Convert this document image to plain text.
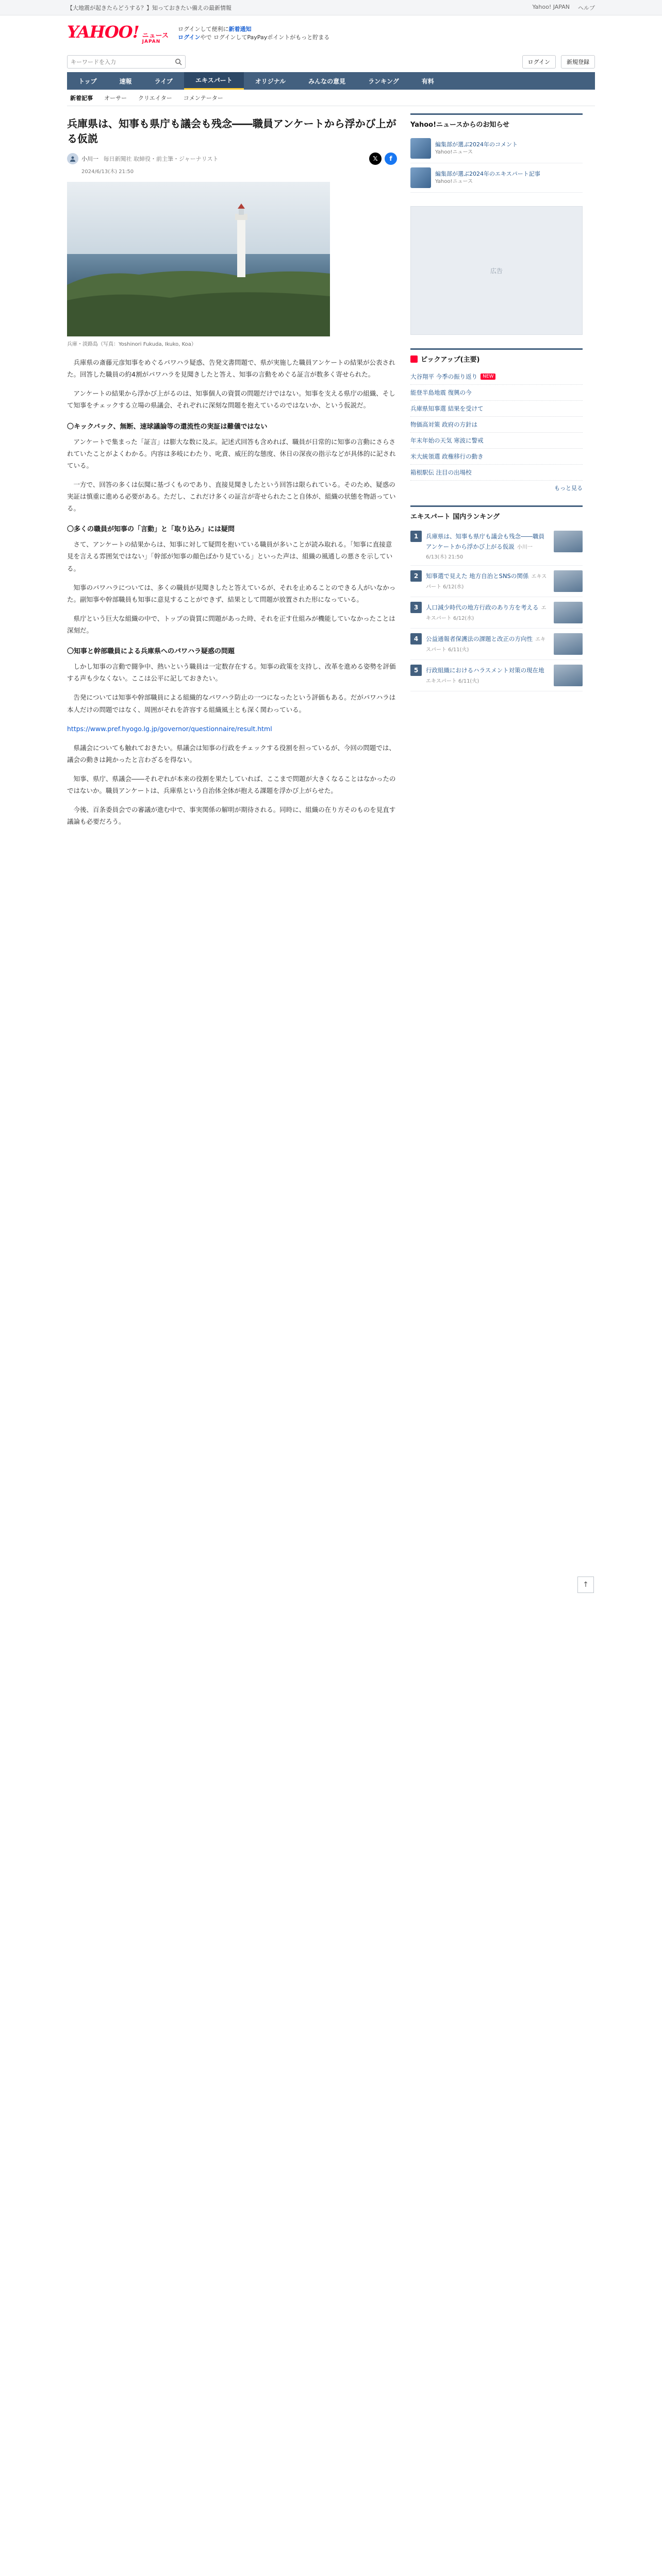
【大地震が起きたらどうする？】知っておきたい備えの最新情報	Yahoo! JAPAN ヘルプ
YAHOO! ニュース
JAPAN
ログインして便利に新着通知
ログインやで ログインしてPayPayポイントがもっと貯まる
キーワードを入力
ログイン	新規登録
トップ	速報	ライブ	エキスパート	オリジナル	みんなの意見	ランキング	有料
新着記事 オーサー クリエイター コメンテーター
兵庫県は、知事も県庁も議会も残念――職員アンケートから浮かび上がる仮説
小川一 毎日新聞社 取締役・前主筆・ジャーナリスト	𝕏 f
2024/6/13(木) 21:50
兵庫・淡路島（写真：Yoshinori Fukuda, Ikuko, Koa）

兵庫県の斎藤元彦知事をめぐるパワハラ疑惑、告発文書問題で、県が実施した職員アンケートの結果が公表された。回答した職員の約4割がパワハラを見聞きしたと答え、知事の言動をめぐる証言が数多く寄せられた。

アンケートの結果から浮かび上がるのは、知事個人の資質の問題だけではない。知事を支える県庁の組織、そして知事をチェックする立場の県議会、それぞれに深刻な問題を抱えているのではないか、という仮説だ。

〇キックバック、無断、速球議論等の還流性の実証は難儀ではない

アンケートで集まった「証言」は膨大な数に及ぶ。記述式回答も含めれば、職員が日常的に知事の言動にさらされていたことがよくわかる。内容は多岐にわたり、叱責、威圧的な態度、休日の深夜の指示などが具体的に記されている。

一方で、回答の多くは伝聞に基づくものであり、直接見聞きしたという回答は限られている。そのため、疑惑の実証は慎重に進める必要がある。ただし、これだけ多くの証言が寄せられたこと自体が、組織の状態を物語っている。

〇多くの職員が知事の「言動」と「取り込み」には疑問

さて、アンケートの結果からは、知事に対して疑問を抱いている職員が多いことが読み取れる。「知事に直接意見を言える雰囲気ではない」「幹部が知事の顔色ばかり見ている」といった声は、組織の風通しの悪さを示している。

知事のパワハラについては、多くの職員が見聞きしたと答えているが、それを止めることのできる人がいなかった。副知事や幹部職員も知事に意見することができず、結果として問題が放置された形になっている。

県庁という巨大な組織の中で、トップの資質に問題があった時、それを正す仕組みが機能していなかったことは深刻だ。

〇知事と幹部職員による兵庫県へのパワハラ疑惑の問題

しかし知事の言動で闘争中、熱いという職員は一定数存在する。知事の政策を支持し、改革を進める姿勢を評価する声も少なくない。ここは公平に記しておきたい。

告発については知事や幹部職員による組織的なパワハラ防止の一つになったという評価もある。だがパワハラは本人だけの問題ではなく、周囲がそれを許容する組織風土とも深く関わっている。

https://www.pref.hyogo.lg.jp/governor/questionnaire/result.html

県議会についても触れておきたい。県議会は知事の行政をチェックする役割を担っているが、今回の問題では、議会の動きは鈍かったと言わざるを得ない。

知事、県庁、県議会――それぞれが本来の役割を果たしていれば、ここまで問題が大きくなることはなかったのではないか。職員アンケートは、兵庫県という自治体全体が抱える課題を浮かび上がらせた。

今後、百条委員会での審議が進む中で、事実関係の解明が期待される。同時に、組織の在り方そのものを見直す議論も必要だろう。

Yahoo!ニュースからのお知らせ
編集部が選ぶ2024年のコメント
Yahoo!ニュース
編集部が選ぶ2024年のエキスパート記事
Yahoo!ニュース
広告
ピックアップ(主要)
大谷翔平 今季の振り返り	NEW
能登半島地震 復興の今
兵庫県知事選 結果を受けて
物価高対策 政府の方針は
年末年始の天気 寒波に警戒
米大統領選 政権移行の動き
箱根駅伝 注目の出場校
もっと見る
エキスパート 国内ランキング
1	兵庫県は、知事も県庁も議会も残念――職員アンケートから浮かび上がる仮説 小川一 6/13(木) 21:50
2	知事選で見えた 地方自治とSNSの関係 エキスパート 6/12(水)
3	人口減少時代の地方行政のあり方を考える エキスパート 6/12(水)
4	公益通報者保護法の課題と改正の方向性 エキスパート 6/11(火)
5	行政組織におけるハラスメント対策の現在地 エキスパート 6/11(火)
↑
